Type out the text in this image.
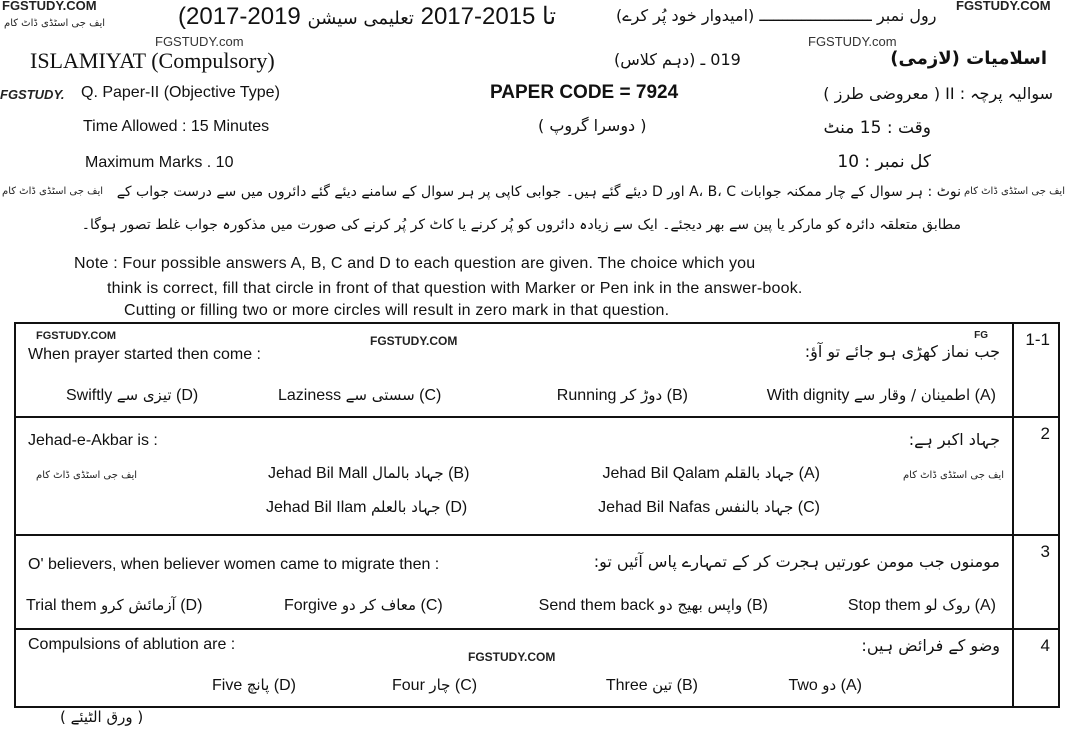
FGSTUDY.COM
ایف جی اسٹڈی ڈاٹ کام
FGSTUDY.com
FGSTUDY.COM
FGSTUDY.com
FGSTUDY.
ایف جی اسٹڈی ڈاٹ کام	ایف جی اسٹڈی ڈاٹ کام
(2017-2019 تا 2015-2017 تعلیمی سیشن	رول نمبر ــــــــــــــــــــــــ (امیدوار خود پُر کرے)
ISLAMIYAT (Compulsory)	019 ـ (دہم کلاس)	اسلامیات (لازمی)
Q. Paper-II (Objective Type)	PAPER CODE = 7924	سوالیہ پرچہ : II ( معروضی طرز )
Time Allowed : 15 Minutes	( دوسرا گروپ )	وقت : 15 منٹ
Maximum Marks . 10	کل نمبر : 10
نوٹ : ہر سوال کے چار ممکنہ جوابات A، B، C اور D دیئے گئے ہیں۔ جوابی کاپی پر ہر سوال کے سامنے دیئے گئے دائروں میں سے درست جواب کے
مطابق متعلقہ دائرہ کو مارکر یا پین سے بھر دیجئے۔ ایک سے زیادہ دائروں کو پُر کرنے یا کاٹ کر پُر کرنے کی صورت میں مذکورہ جواب غلط تصور ہوگا۔
Note : Four possible answers A, B, C and D to each question are given. The choice which you
think is correct, fill that circle in front of that question with Marker or Pen ink in the answer-book.
Cutting or filling two or more circles will result in zero mark in that question.
FGSTUDY.COM	FGSTUDY.COM	FG
When prayer started then come :	جب نماز کھڑی ہو جائے تو آؤ:
With dignity اطمینان / وقار سے (A)
Running دوڑ کر (B)
Laziness سستی سے (C)
Swiftly تیزی سے (D)
1-1
Jehad-e-Akbar is :	جہاد اکبر ہے:
ایف جی اسٹڈی ڈاٹ کام	ایف جی اسٹڈی ڈاٹ کام
Jehad Bil Qalam جہاد بالقلم (A)
Jehad Bil Mall جہاد بالمال (B)
Jehad Bil Nafas جہاد بالنفس (C)
Jehad Bil Ilam جہاد بالعلم (D)
2
O' believers, when believer women came to migrate then :	مومنوں جب مومن عورتیں ہجرت کر کے تمہارے پاس آئیں تو:
Stop them روک لو (A)
Send them back واپس بھیج دو (B)
Forgive معاف کر دو (C)
Trial them آزمائش کرو (D)
3
Compulsions of ablution are :	وضو کے فرائض ہیں:
FGSTUDY.COM
Two دو (A)
Three تین (B)
Four چار (C)
Five پانچ (D)
4
( ورق الٹیئے )
